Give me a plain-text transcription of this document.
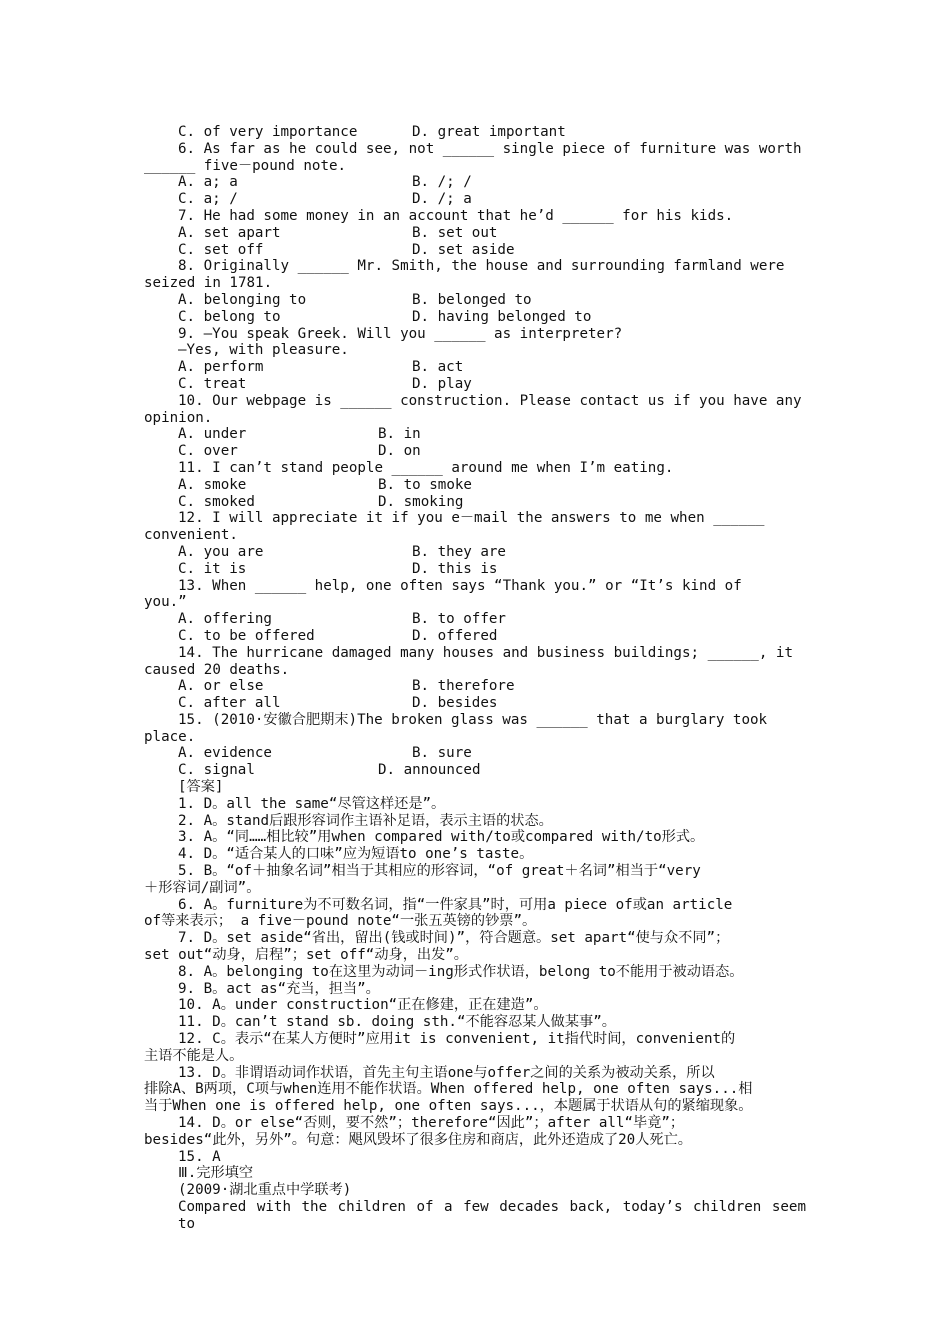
C. of very importance	D. great important
6. As far as he could see, not ______ single piece of furniture was worth
______ five－pound note.
A. a; a	B. /; /
C. a; /	D. /; a
7. He had some money in an account that he’d ______ for his kids.
A. set apart	B. set out
C. set off	D. set aside
8. Originally ______ Mr. Smith, the house and surrounding farmland were
seized in 1781.
A. belonging to	B. belonged to
C. belong to	D. having belonged to
9. —You speak Greek. Will you ______ as interpreter?
—Yes, with pleasure.
A. perform	B. act
C. treat	D. play
10. Our webpage is ______ construction. Please contact us if you have any
opinion.
A. under	B. in
C. over	D. on
11. I can’t stand people ______ around me when I’m eating.
A. smoke	B. to smoke
C. smoked	D. smoking
12. I will appreciate it if you e－mail the answers to me when ______
convenient.
A. you are	B. they are
C. it is	D. this is
13. When ______ help, one often says “Thank you.” or “It’s kind of
you.”
A. offering	B. to offer
C. to be offered	D. offered
14. The hurricane damaged many houses and business buildings; ______, it
caused 20 deaths.
A. or else	B. therefore
C. after all	D. besides
15. (2010·安徽合肥期末)The broken glass was ______ that a burglary took
place.
A. evidence	B. sure
C. signal	D. announced
[答案]
1. D。all the same“尽管这样还是”。
2. A。stand后跟形容词作主语补足语，表示主语的状态。
3. A。“同……相比较”用when compared with/to或compared with/to形式。
4. D。“适合某人的口味”应为短语to one’s taste。
5. B。“of＋抽象名词”相当于其相应的形容词，“of great＋名词”相当于“very
＋形容词/副词”。
6. A。furniture为不可数名词，指“一件家具”时，可用a piece of或an article
of等来表示； a five－pound note“一张五英镑的钞票”。
7. D。set aside“省出，留出(钱或时间)”，符合题意。set apart“使与众不同”；
set out“动身，启程”；set off“动身，出发”。
8. A。belonging to在这里为动词－ing形式作状语，belong to不能用于被动语态。
9. B。act as“充当，担当”。
10. A。under construction“正在修建，正在建造”。
11. D。can’t stand sb. doing sth.“不能容忍某人做某事”。
12. C。表示“在某人方便时”应用it is convenient, it指代时间，convenient的
主语不能是人。
13. D。非谓语动词作状语，首先主句主语one与offer之间的关系为被动关系，所以
排除A、B两项，C项与when连用不能作状语。When offered help, one often says...相
当于When one is offered help, one often says...，本题属于状语从句的紧缩现象。
14. D。or else“否则，要不然”；therefore“因此”；after all“毕竟”；
besides“此外，另外”。句意：飓风毁坏了很多住房和商店，此外还造成了20人死亡。
15. A
Ⅲ.完形填空
(2009·湖北重点中学联考)
Compared with the children of a few decades back, today’s children seem to
